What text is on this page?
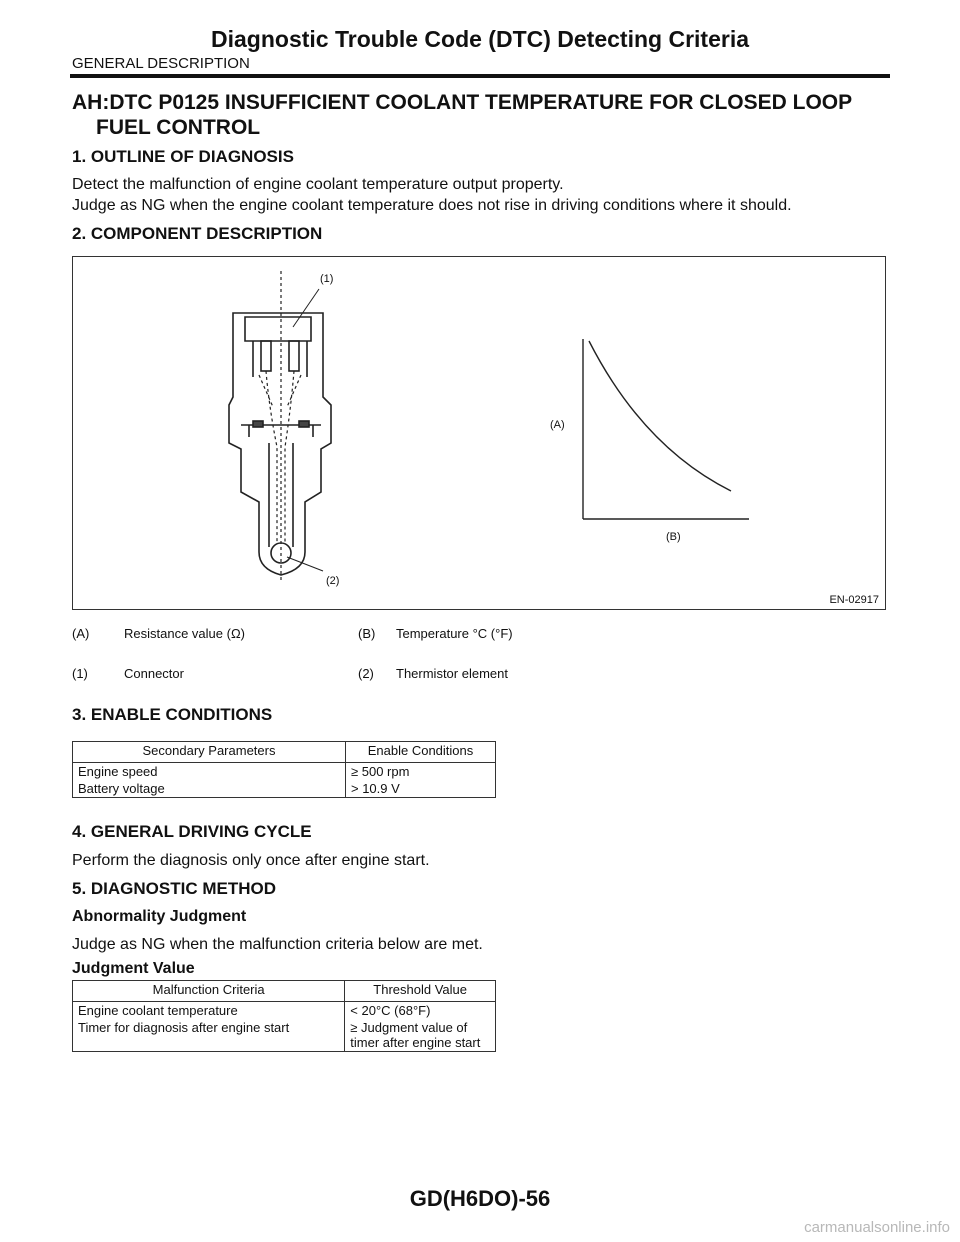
Diagnostic Trouble Code (DTC) Detecting Criteria
GENERAL DESCRIPTION
AH:DTC P0125 INSUFFICIENT COOLANT TEMPERATURE FOR CLOSED LOOP
FUEL CONTROL
1. OUTLINE OF DIAGNOSIS
Detect the malfunction of engine coolant temperature output property.
Judge as NG when the engine coolant temperature does not rise in driving conditions where it should.
2. COMPONENT DESCRIPTION
(1)
(2)
(A)
(B)
EN-02917
(A)	Resistance value (Ω)	(B) Temperature °C (°F)
(1)	Connector	(2) Thermistor element
3. ENABLE CONDITIONS
Secondary Parameters	Enable Conditions
Engine speed	≥ 500 rpm
Battery voltage	> 10.9 V
4. GENERAL DRIVING CYCLE
Perform the diagnosis only once after engine start.
5. DIAGNOSTIC METHOD
Abnormality Judgment
Judge as NG when the malfunction criteria below are met.
Judgment Value
Malfunction Criteria	Threshold Value
Engine coolant temperature	< 20°C (68°F)
Timer for diagnosis after engine start	≥ Judgment value of timer after engine start
GD(H6DO)-56
carmanualsonline.info
